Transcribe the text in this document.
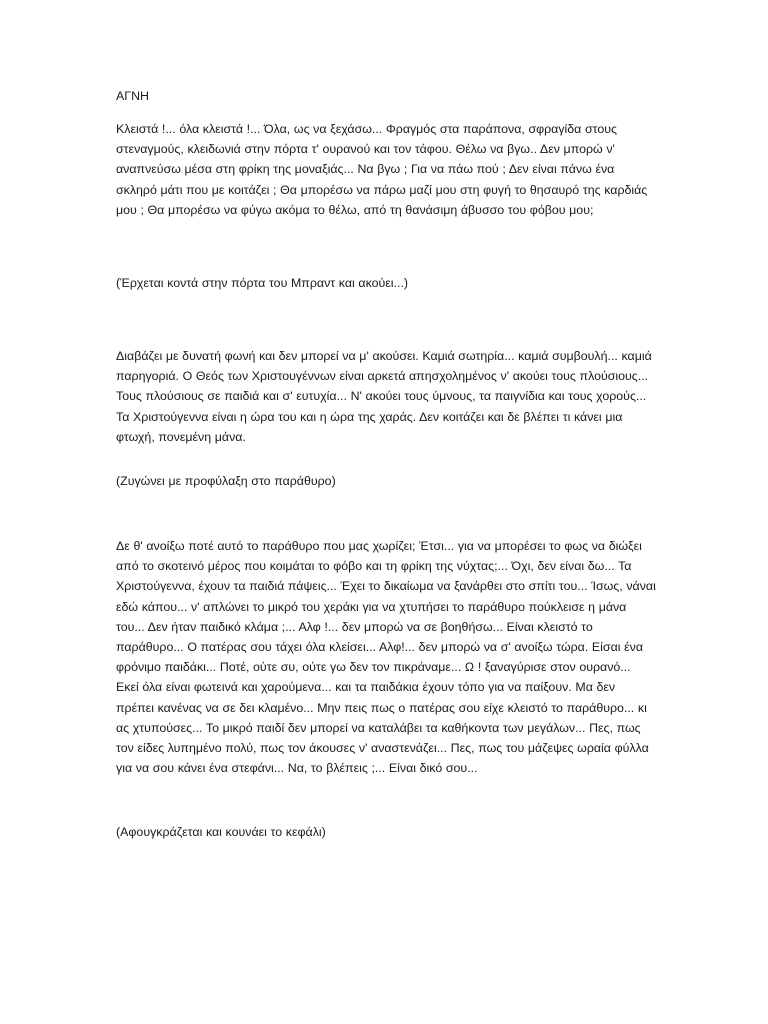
ΑΓΝΗ

Κλειστά !... όλα κλειστά !... Όλα, ως να ξεχάσω... Φραγμός στα παράπονα, σφραγίδα στους στεναγμούς, κλειδωνιά στην πόρτα τ' ουρανού και τον τάφου. Θέλω να βγω.. Δεν μπορώ ν' αναπνεύσω μέσα στη φρίκη της μοναξιάς... Να βγω ; Για να πάω πού ; Δεν είναι πάνω ένα σκληρό μάτι που με κοιτάζει ; Θα μπορέσω να πάρω μαζί μου στη φυγή το θησαυρό της καρδιάς μου ; Θα μπορέσω να φύγω ακόμα το θέλω, από τη θανάσιμη άβυσσο του φόβου μου;

(Έρχεται κοντά στην πόρτα του Μπραντ και ακούει...)

Διαβάζει με δυνατή φωνή και δεν μπορεί να μ' ακούσει. Καμιά σωτηρία... καμιά συμβουλή... καμιά παρηγοριά. Ο Θεός των Χριστουγέννων είναι αρκετά απησχολημένος ν' ακούει τους πλούσιους... Τους πλούσιους σε παιδιά και σ' ευτυχία... Ν' ακούει τους ύμνους, τα παιγνίδια και τους χορούς... Τα Χριστούγεννα είναι η ώρα του και η ώρα της χαράς. Δεν κοιτάζει και δε βλέπει τι κάνει μια φτωχή, πονεμένη μάνα.

(Ζυγώνει με προφύλαξη στο παράθυρο)

Δε θ' ανοίξω ποτέ αυτό το παράθυρο που μας χωρίζει; Έτσι... για να μπορέσει το φως να διώξει από το σκοτεινό μέρος που κοιμάται το φόβο και τη φρίκη της νύχτας;... Όχι, δεν είναι δω... Τα Χριστούγεννα, έχουν τα παιδιά πάψεις... Έχει το δικαίωμα να ξανάρθει στο σπίτι του... Ίσως, νάναι εδώ κάπου... ν' απλώνει το μικρό του χεράκι για να χτυπήσει το παράθυρο πούκλεισε η μάνα του... Δεν ήταν παιδικό κλάμα ;... Αλφ !... δεν μπορώ να σε βοηθήσω... Είναι κλειστό το παράθυρο... Ο πατέρας σου τάχει όλα κλείσει... Αλφ!... δεν μπορώ να σ' ανοίξω τώρα. Είσαι ένα φρόνιμο παιδάκι... Ποτέ, ούτε συ, ούτε γω δεν τον πικράναμε... Ω ! ξαναγύρισε στον ουρανό... Εκεί όλα είναι φωτεινά και χαρούμενα... και τα παιδάκια έχουν τόπο για να παίξουν. Μα δεν πρέπει κανένας να σε δει κλαμένο... Μην πεις πως ο πατέρας σου είχε κλειστό το παράθυρο... κι ας χτυπούσες... Το μικρό παιδί δεν μπορεί να καταλάβει τα καθήκοντα των μεγάλων... Πες, πως τον είδες λυπημένο πολύ, πως τον άκουσες ν' αναστενάζει... Πες, πως του μάζεψες ωραία φύλλα για να σου κάνει ένα στεφάνι... Να, το βλέπεις ;... Είναι δικό σου...

(Αφουγκράζεται και κουνάει το κεφάλι)
